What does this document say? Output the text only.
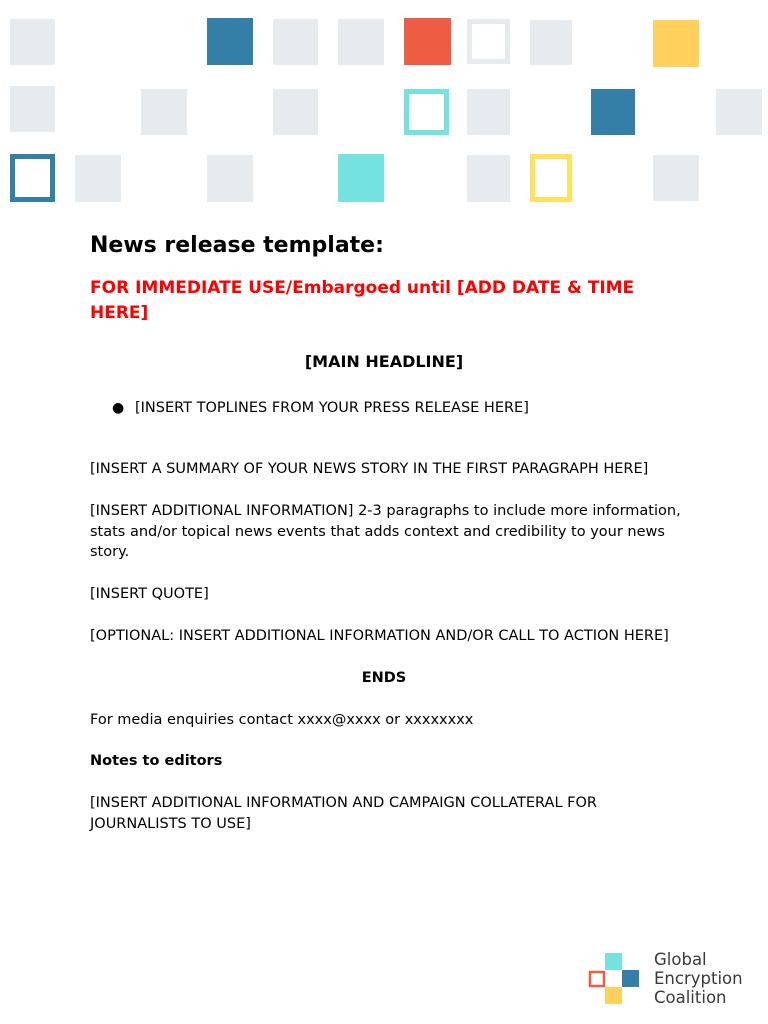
News release template:

FOR IMMEDIATE USE/Embargoed until [ADD DATE & TIME HERE]

[MAIN HEADLINE]

● [INSERT TOPLINES FROM YOUR PRESS RELEASE HERE]

[INSERT A SUMMARY OF YOUR NEWS STORY IN THE FIRST PARAGRAPH HERE]

[INSERT ADDITIONAL INFORMATION] 2-3 paragraphs to include more information, stats and/or topical news events that adds context and credibility to your news story.

[INSERT QUOTE]

[OPTIONAL: INSERT ADDITIONAL INFORMATION AND/OR CALL TO ACTION HERE]

ENDS

For media enquiries contact xxxx@xxxx or xxxxxxxx

Notes to editors

[INSERT ADDITIONAL INFORMATION AND CAMPAIGN COLLATERAL FOR JOURNALISTS TO USE]

Global
Encryption
Coalition
